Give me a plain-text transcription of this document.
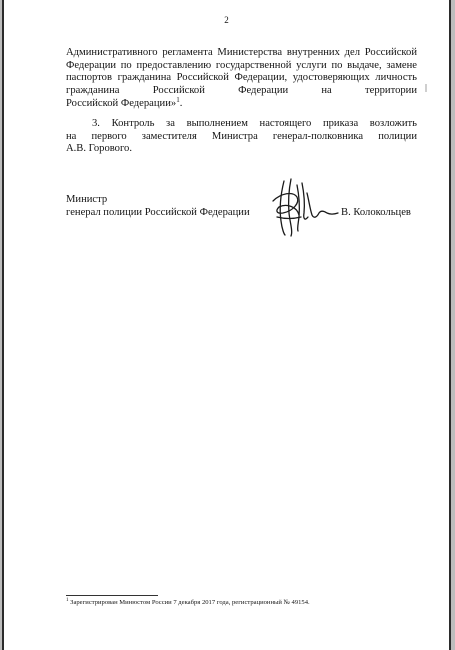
2
Административного регламента Министерства внутренних дел Российской
Федерации по предоставлению государственной услуги по выдаче, замене
паспортов гражданина Российской Федерации, удостоверяющих личность
гражданина Российской Федерации на территории
Российской Федерации»$^1$.
3. Контроль за выполнением настоящего приказа возложить
на первого заместителя Министра генерал-полковника полиции
А.В. Горового.
Министр
генерал полиции Российской Федерации	В. Колокольцев
$^1$ Зарегистрирован Минюстом России 7 декабря 2017 года, регистрационный № 49154.
